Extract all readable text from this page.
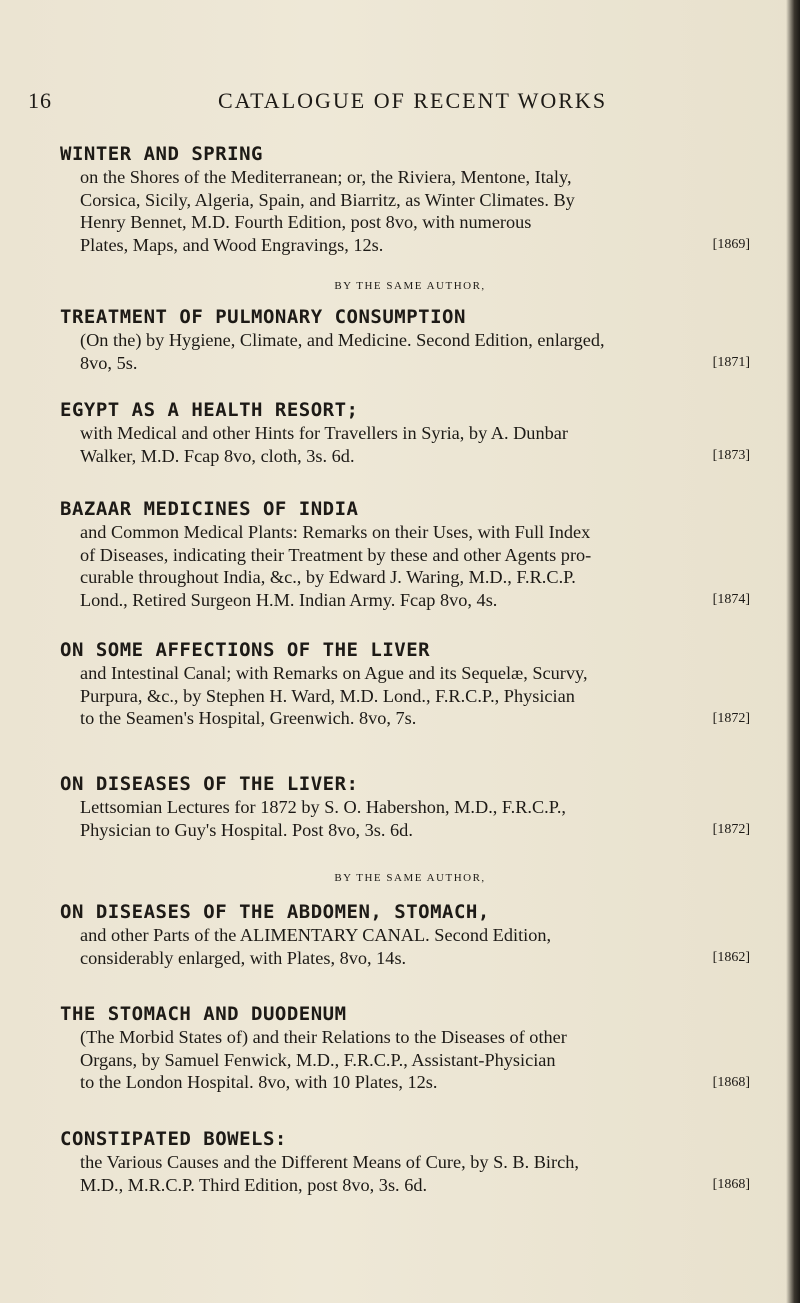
16	CATALOGUE OF RECENT WORKS
WINTER AND SPRING
on the Shores of the Mediterranean; or, the Riviera, Mentone, Italy,
Corsica, Sicily, Algeria, Spain, and Biarritz, as Winter Climates. By
Henry Bennet, M.D. Fourth Edition, post 8vo, with numerous
Plates, Maps, and Wood Engravings, 12s.	[1869]
BY THE SAME AUTHOR,
TREATMENT OF PULMONARY CONSUMPTION
(On the) by Hygiene, Climate, and Medicine. Second Edition, enlarged,
8vo, 5s.	[1871]
EGYPT AS A HEALTH RESORT;
with Medical and other Hints for Travellers in Syria, by A. Dunbar
Walker, M.D. Fcap 8vo, cloth, 3s. 6d.	[1873]
BAZAAR MEDICINES OF INDIA
and Common Medical Plants: Remarks on their Uses, with Full Index
of Diseases, indicating their Treatment by these and other Agents pro-
curable throughout India, &c., by Edward J. Waring, M.D., F.R.C.P.
Lond., Retired Surgeon H.M. Indian Army. Fcap 8vo, 4s.	[1874]
ON SOME AFFECTIONS OF THE LIVER
and Intestinal Canal; with Remarks on Ague and its Sequelæ, Scurvy,
Purpura, &c., by Stephen H. Ward, M.D. Lond., F.R.C.P., Physician
to the Seamen's Hospital, Greenwich. 8vo, 7s.	[1872]
ON DISEASES OF THE LIVER:
Lettsomian Lectures for 1872 by S. O. Habershon, M.D., F.R.C.P.,
Physician to Guy's Hospital. Post 8vo, 3s. 6d.	[1872]
BY THE SAME AUTHOR,
ON DISEASES OF THE ABDOMEN, STOMACH,
and other Parts of the ALIMENTARY CANAL. Second Edition,
considerably enlarged, with Plates, 8vo, 14s.	[1862]
THE STOMACH AND DUODENUM
(The Morbid States of) and their Relations to the Diseases of other
Organs, by Samuel Fenwick, M.D., F.R.C.P., Assistant-Physician
to the London Hospital. 8vo, with 10 Plates, 12s.	[1868]
CONSTIPATED BOWELS:
the Various Causes and the Different Means of Cure, by S. B. Birch,
M.D., M.R.C.P. Third Edition, post 8vo, 3s. 6d.	[1868]
